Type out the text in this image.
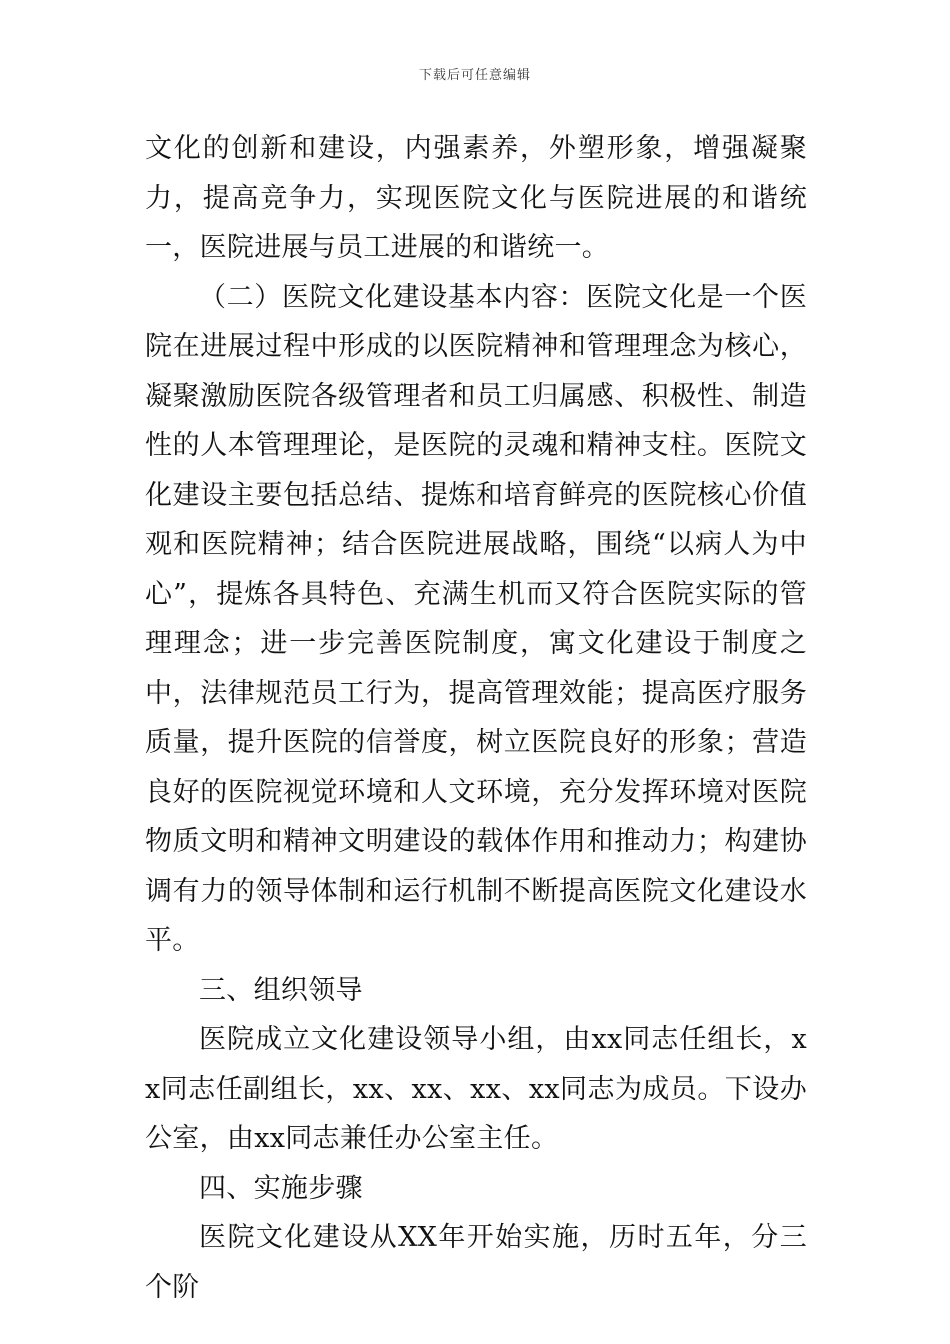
下载后可任意编辑

文化的创新和建设，内强素养，外塑形象，增强凝聚力，提高竞争力，实现医院文化与医院进展的和谐统一，医院进展与员工进展的和谐统一。

（二）医院文化建设基本内容：医院文化是一个医院在进展过程中形成的以医院精神和管理理念为核心，凝聚激励医院各级管理者和员工归属感、积极性、制造性的人本管理理论，是医院的灵魂和精神支柱。医院文化建设主要包括总结、提炼和培育鲜亮的医院核心价值观和医院精神；结合医院进展战略，围绕“以病人为中心”，提炼各具特色、充满生机而又符合医院实际的管理理念；进一步完善医院制度，寓文化建设于制度之中，法律规范员工行为，提高管理效能；提高医疗服务质量，提升医院的信誉度，树立医院良好的形象；营造良好的医院视觉环境和人文环境，充分发挥环境对医院物质文明和精神文明建设的载体作用和推动力；构建协调有力的领导体制和运行机制不断提高医院文化建设水平。

三、组织领导

医院成立文化建设领导小组，由xx同志任组长，xx同志任副组长，xx、xx、xx、xx同志为成员。下设办公室，由xx同志兼任办公室主任。

四、实施步骤

医院文化建设从XX年开始实施，历时五年，分三个阶
